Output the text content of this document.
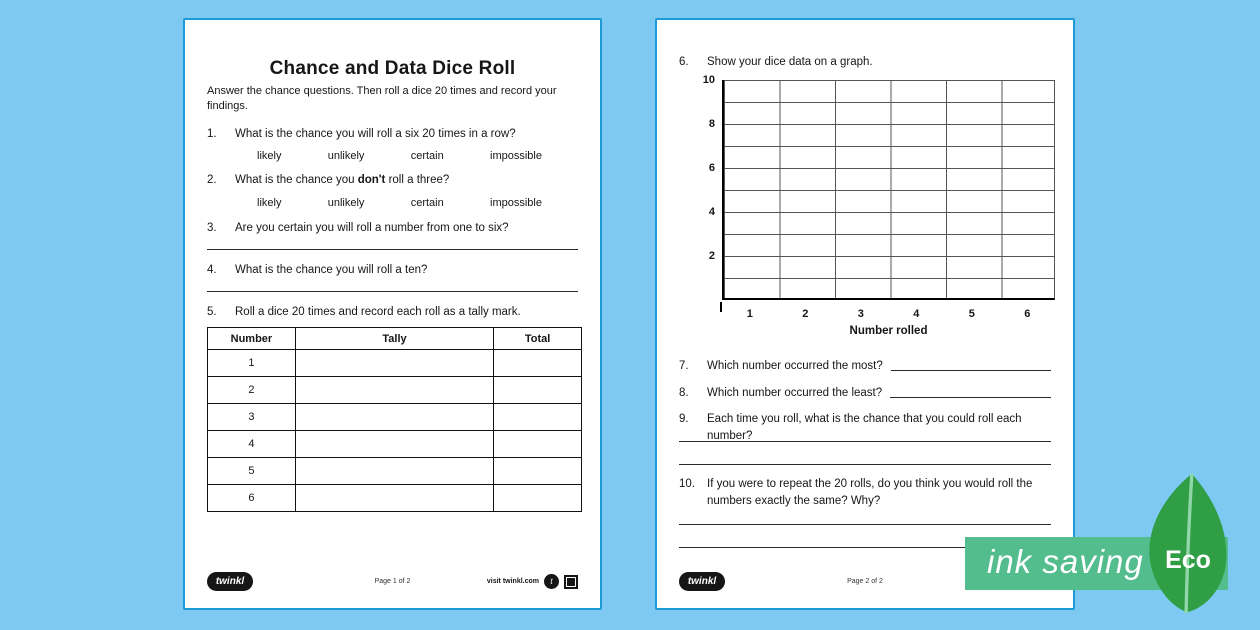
Chance and Data Dice Roll
Answer the chance questions. Then roll a dice 20 times and record your findings.
1.	What is the chance you will roll a six 20 times in a row?
likely	unlikely	certain	impossible
2.	What is the chance you don't roll a three?
likely	unlikely	certain	impossible
3.	Are you certain you will roll a number from one to six?
4.	What is the chance you will roll a ten?
5.	Roll a dice 20 times and record each roll as a tally mark.
Number	Tally	Total
1		
2		
3		
4		
5		
6		
twinkl	Page 1 of 2	visit twinkl.com	t
6.	Show your dice data on a graph.
10
8
6
4
2
1	2	3	4	5	6
Number rolled
7.	Which number occurred the most?
8.	Which number occurred the least?
9.	Each time you roll, what is the chance that you could roll each number?
10.	If you were to repeat the 20 rolls, do you think you would roll the numbers exactly the same? Why?
twinkl	Page 2 of 2
ink saving Eco
